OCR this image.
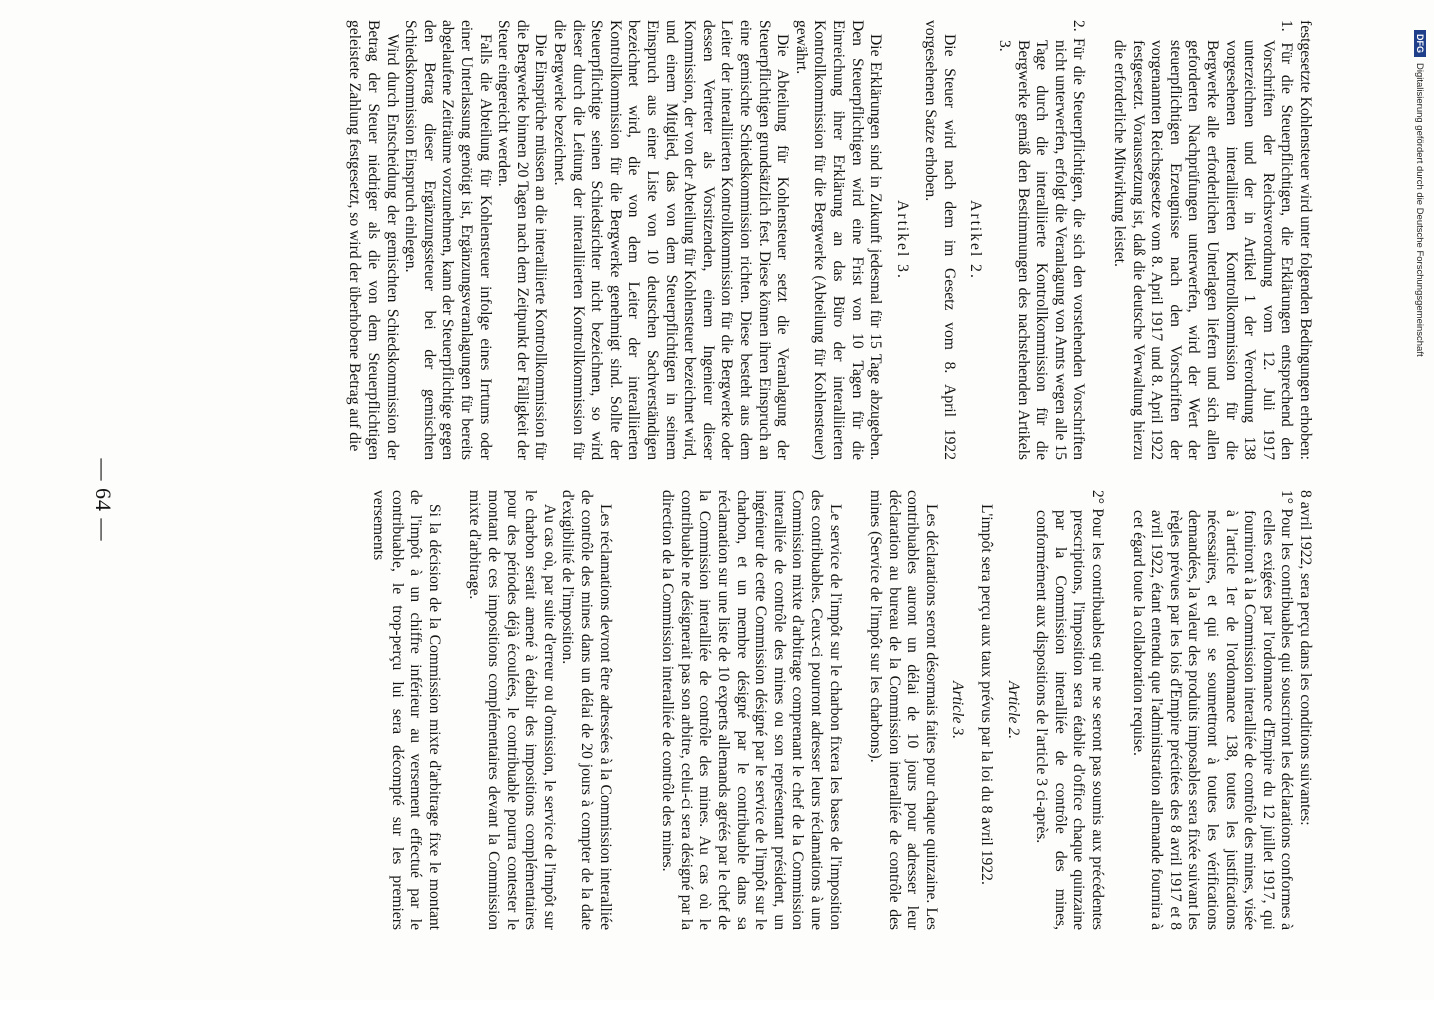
— 64 —	8 avril 1922, sera perçu dans les conditions suivantes:

1° Pour les contribuables qui souscriront les déclarations conformes à celles exigées par l'ordonnance d'Empire du 12 juillet 1917, qui fourniront à la Commission interalliée de contrôle des mines, visée à l'article 1er de l'ordonnance 138, toutes les justifications nécessaires, et qui se soumettront à toutes les vérifications demandées, la valeur des produits imposables sera fixée suivant les règles prévues par les lois d'Empire précitées des 8 avril 1917 et 8 avril 1922, étant entendu que l'administration allemande fournira à cet égard toute la collaboration requise.

2° Pour les contribuables qui ne se seront pas soumis aux précédentes prescriptions, l'imposition sera établie d'office chaque quinzaine par la Commission interalliée de contrôle des mines, conformément aux dispositions de l'article 3 ci-après.

Article 2.

L'impôt sera perçu aux taux prévus par la loi du 8 avril 1922.

Article 3.

Les déclarations seront désormais faites pour chaque quinzaine. Les contribuables auront un délai de 10 jours pour adresser leur déclaration au bureau de la Commission interalliée de contrôle des mines (Service de l'impôt sur les charbons).

Le service de l'impôt sur le charbon fixera les bases de l'imposition des contribuables. Ceux-ci pourront adresser leurs réclamations à une Commission mixte d'arbitrage comprenant le chef de la Commission interalliée de contrôle des mines ou son représentant président, un ingénieur de cette Commission désigné par le service de l'impôt sur le charbon, et un membre désigné par le contribuable dans sa réclamation sur une liste de 10 experts allemands agréés par le chef de la Commission interalliée de contrôle des mines. Au cas où le contribuable ne désignerait pas son arbitre, celui-ci sera désigné par la direction de la Commission interalliée de contrôle des mines.

Les réclamations devront être adressées à la Commission interalliée de contrôle des mines dans un délai de 20 jours à compter de la date d'exigibilité de l'imposition.

Au cas où, par suite d'erreur ou d'omission, le service de l'impôt sur le charbon serait amené à établir des impositions complémentaires pour des périodes déjà écoulées, le contribuable pourra contester le montant de ces impositions complémentaires devant la Commission mixte d'arbitrage.

Si la décision de la Commission mixte d'arbitrage fixe le montant de l'impôt à un chiffre inférieur au versement effectué par le contribuable, le trop-perçu lui sera décompté sur les premiers versements

festgesetzte Kohlensteuer wird unter folgenden Bedingungen erhoben:

1. Für die Steuerpflichtigen, die Erklärungen entsprechend den Vorschriften der Reichsverordnung vom 12. Juli 1917 unterzeichnen und der in Artikel 1 der Verordnung 138 vorgesehenen interalliierten Kontrollkommission für die Bergwerke alle erforderlichen Unterlagen liefern und sich allen geforderten Nachprüfungen unterwerfen, wird der Wert der steuerpflichtigen Erzeugnisse nach den Vorschriften der vorgenannten Reichsgesetze vom 8. April 1917 und 8. April 1922 festgesetzt. Voraussetzung ist, daß die deutsche Verwaltung hierzu die erforderliche Mitwirkung leistet.

2. Für die Steuerpflichtigen, die sich den vorstehenden Vorschriften nicht unterwerfen, erfolgt die Veranlagung von Amts wegen alle 15 Tage durch die interalliierte Kontrollkommission für die Bergwerke gemäß den Bestimmungen des nachstehenden Artikels 3.

Artikel 2.

Die Steuer wird nach dem im Gesetz vom 8. April 1922 vorgesehenen Satze erhoben.

Artikel 3.

Die Erklärungen sind in Zukunft jedesmal für 15 Tage abzugeben. Den Steuerpflichtigen wird eine Frist von 10 Tagen für die Einreichung ihrer Erklärung an das Büro der interalliierten Kontrollkommission für die Bergwerke (Abteilung für Kohlensteuer) gewährt.

Die Abteilung für Kohlensteuer setzt die Veranlagung der Steuerpflichtigen grundsätzlich fest. Diese können ihren Einspruch an eine gemischte Schiedskommission richten. Diese besteht aus dem Leiter der interalliierten Kontrollkommission für die Bergwerke oder dessen Vertreter als Vorsitzenden, einem Ingenieur dieser Kommission, der von der Abteilung für Kohlensteuer bezeichnet wird, und einem Mitglied, das von dem Steuerpflichtigen in seinem Einspruch aus einer Liste von 10 deutschen Sachverständigen bezeichnet wird, die von dem Leiter der interalliierten Kontrollkommission für die Bergwerke genehmigt sind. Sollte der Steuerpflichtige seinen Schiedsrichter nicht bezeichnen, so wird dieser durch die Leitung der interalliierten Kontrollkommission für die Bergwerke bezeichnet.

Die Einsprüche müssen an die interalliierte Kontrollkommission für die Bergwerke binnen 20 Tagen nach dem Zeitpunkt der Fälligkeit der Steuer eingereicht werden.

Falls die Abteilung für Kohlensteuer infolge eines Irrtums oder einer Unterlassung genötigt ist, Ergänzungsveranlagungen für bereits abgelaufene Zeiträume vorzunehmen, kann der Steuerpflichtige gegen den Betrag dieser Ergänzungssteuer bei der gemischten Schiedskommission Einspruch einlegen.

Wird durch Entscheidung der gemischten Schiedskommission der Betrag der Steuer niedriger als die von dem Steuerpflichtigen geleistete Zahlung festgesetzt, so wird der überhobene Betrag auf die	DFGDigitalisierung gefördert durch die Deutsche Forschungsgemeinschaft
